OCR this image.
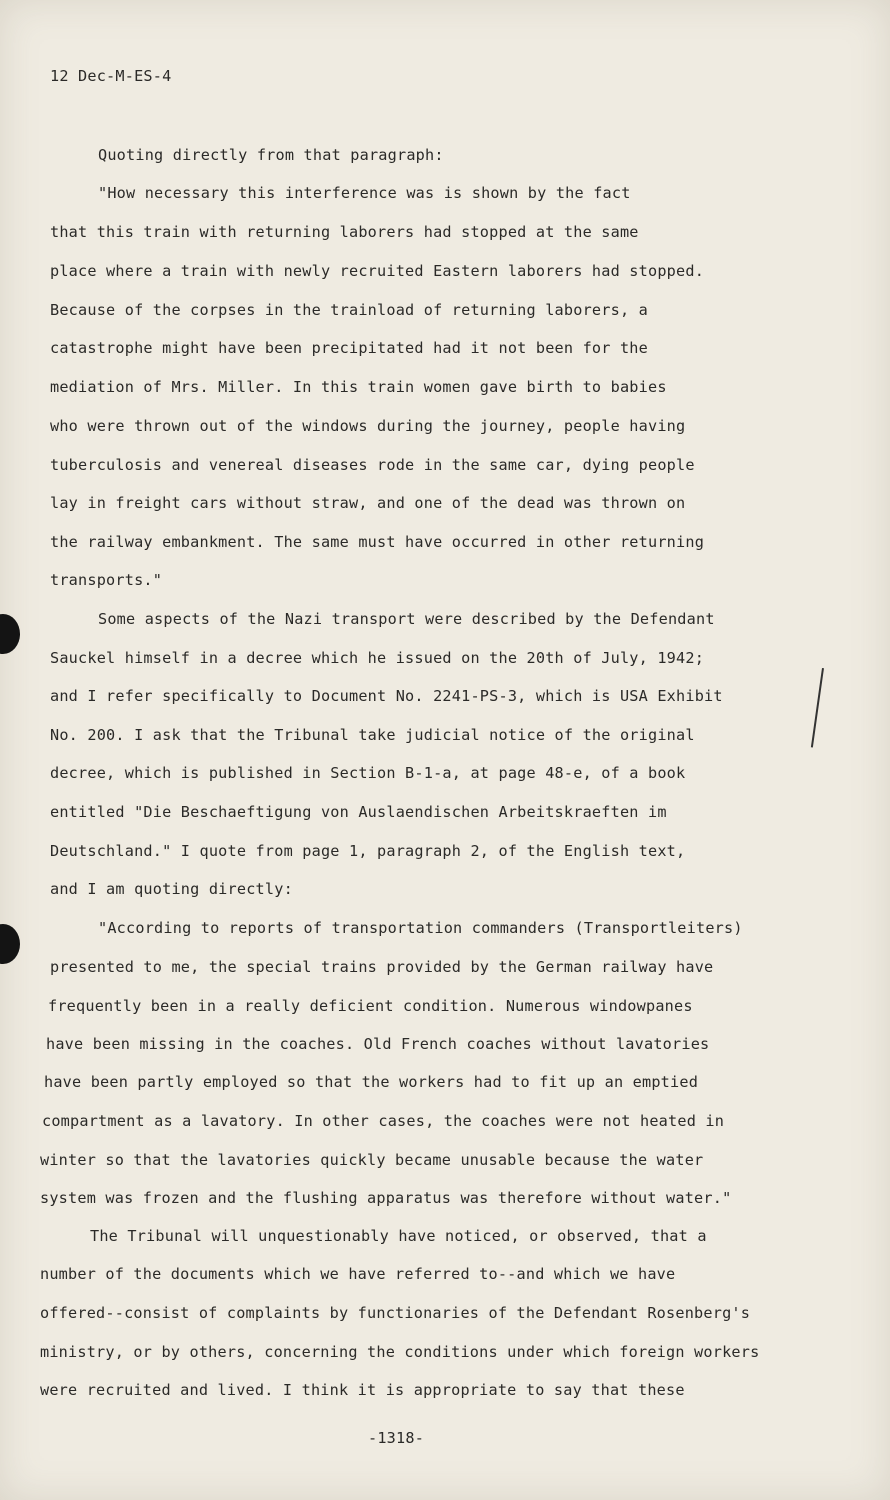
12 Dec-M-ES-4

Quoting directly from that paragraph:

"How necessary this interference was is shown by the fact

that this train with returning laborers had stopped at the same

place where a train with newly recruited Eastern laborers had stopped.

Because of the corpses in the trainload of returning laborers, a

catastrophe might have been precipitated had it not been for the

mediation of Mrs. Miller. In this train women gave birth to babies

who were thrown out of the windows during the journey, people having

tuberculosis and venereal diseases rode in the same car, dying people

lay in freight cars without straw, and one of the dead was thrown on

the railway embankment. The same must have occurred in other returning

transports."

Some aspects of the Nazi transport were described by the Defendant

Sauckel himself in a decree which he issued on the 20th of July, 1942;

and I refer specifically to Document No. 2241-PS-3, which is USA Exhibit

No. 200. I ask that the Tribunal take judicial notice of the original

decree, which is published in Section B-1-a, at page 48-e, of a book

entitled "Die Beschaeftigung von Auslaendischen Arbeitskraeften im

Deutschland." I quote from page 1, paragraph 2, of the English text,

and I am quoting directly:

"According to reports of transportation commanders (Transportleiters)

presented to me, the special trains provided by the German railway have

frequently been in a really deficient condition. Numerous windowpanes

have been missing in the coaches. Old French coaches without lavatories

have been partly employed so that the workers had to fit up an emptied

compartment as a lavatory. In other cases, the coaches were not heated in

winter so that the lavatories quickly became unusable because the water

system was frozen and the flushing apparatus was therefore without water."

The Tribunal will unquestionably have noticed, or observed, that a

number of the documents which we have referred to--and which we have

offered--consist of complaints by functionaries of the Defendant Rosenberg's

ministry, or by others, concerning the conditions under which foreign workers

were recruited and lived. I think it is appropriate to say that these

-1318-
